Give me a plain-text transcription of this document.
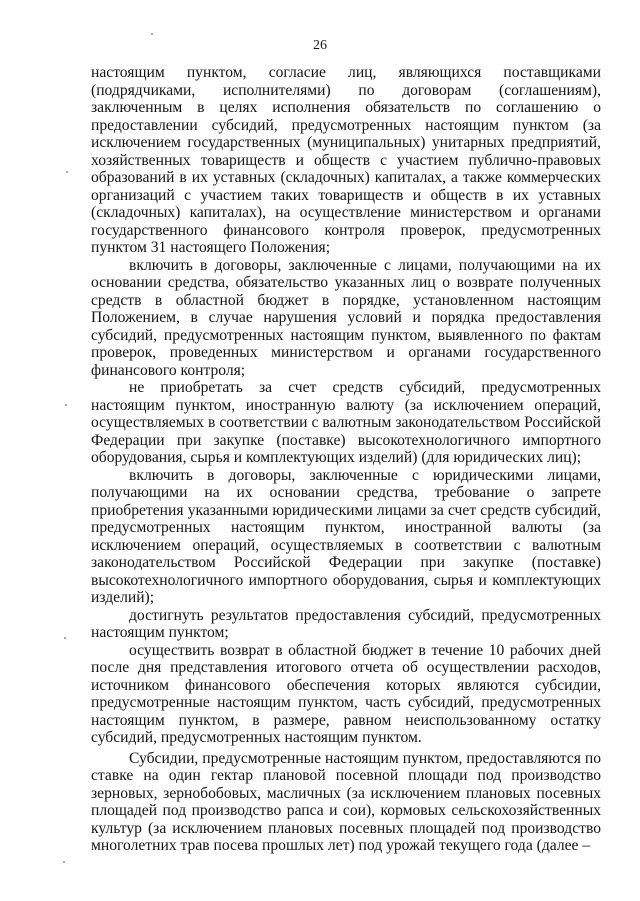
26

настоящим пунктом, согласие лиц, являющихся поставщиками (подрядчиками, исполнителями) по договорам (соглашениям), заключенным в целях исполнения обязательств по соглашению о предоставлении субсидий, предусмотренных настоящим пунктом (за исключением государственных (муниципальных) унитарных предприятий, хозяйственных товариществ и обществ с участием публично-правовых образований в их уставных (складочных) капиталах, а также коммерческих организаций с участием таких товариществ и обществ в их уставных (складочных) капиталах), на осуществление министерством и органами государственного финансового контроля проверок, предусмотренных пунктом 31 настоящего Положения;

включить в договоры, заключенные с лицами, получающими на их основании средства, обязательство указанных лиц о возврате полученных средств в областной бюджет в порядке, установленном настоящим Положением, в случае нарушения условий и порядка предоставления субсидий, предусмотренных настоящим пунктом, выявленного по фактам проверок, проведенных министерством и органами государственного финансового контроля;

не приобретать за счет средств субсидий, предусмотренных настоящим пунктом, иностранную валюту (за исключением операций, осуществляемых в соответствии с валютным законодательством Российской Федерации при закупке (поставке) высокотехнологичного импортного оборудования, сырья и комплектующих изделий) (для юридических лиц);

включить в договоры, заключенные с юридическими лицами, получающими на их основании средства, требование о запрете приобретения указанными юридическими лицами за счет средств субсидий, предусмотренных настоящим пунктом, иностранной валюты (за исключением операций, осуществляемых в соответствии с валютным законодательством Российской Федерации при закупке (поставке) высокотехнологичного импортного оборудования, сырья и комплектующих изделий);

достигнуть результатов предоставления субсидий, предусмотренных настоящим пунктом;

осуществить возврат в областной бюджет в течение 10 рабочих дней после дня представления итогового отчета об осуществлении расходов, источником финансового обеспечения которых являются субсидии, предусмотренные настоящим пунктом, часть субсидий, предусмотренных настоящим пунктом, в размере, равном неиспользованному остатку субсидий, предусмотренных настоящим пунктом.

Субсидии, предусмотренные настоящим пунктом, предоставляются по ставке на один гектар плановой посевной площади под производство зерновых, зернобобовых, масличных (за исключением плановых посевных площадей под производство рапса и сои), кормовых сельскохозяйственных культур (за исключением плановых посевных площадей под производство многолетних трав посева прошлых лет) под урожай текущего года (далее –
